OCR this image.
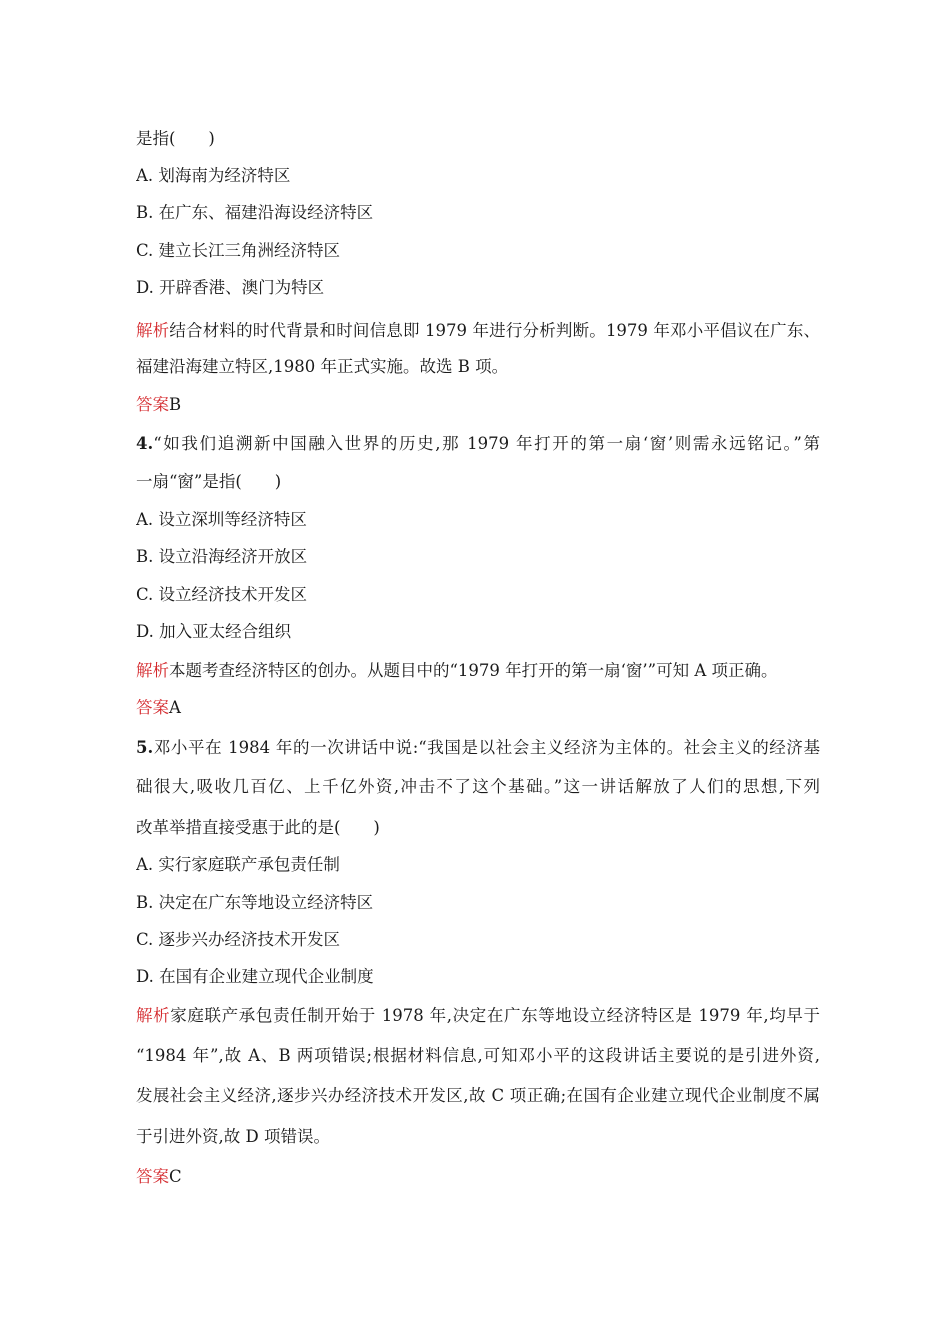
是指(　　)
A. 划海南为经济特区
B. 在广东、福建沿海设经济特区
C. 建立长江三角洲经济特区
D. 开辟香港、澳门为特区
解析结合材料的时代背景和时间信息即 1979 年进行分析判断。1979 年邓小平倡议在广东、
福建沿海建立特区,1980 年正式实施。故选 B 项。
答案B
4.“如我们追溯新中国融入世界的历史,那 1979 年打开的第一扇‘窗’则需永远铭记。”第
一扇“窗”是指(　　)
A. 设立深圳等经济特区
B. 设立沿海经济开放区
C. 设立经济技术开发区
D. 加入亚太经合组织
解析本题考查经济特区的创办。从题目中的“1979 年打开的第一扇‘窗’”可知 A 项正确。
答案A
5.邓小平在 1984 年的一次讲话中说:“我国是以社会主义经济为主体的。社会主义的经济基
础很大,吸收几百亿、上千亿外资,冲击不了这个基础。”这一讲话解放了人们的思想,下列
改革举措直接受惠于此的是(　　)
A. 实行家庭联产承包责任制
B. 决定在广东等地设立经济特区
C. 逐步兴办经济技术开发区
D. 在国有企业建立现代企业制度
解析家庭联产承包责任制开始于 1978 年,决定在广东等地设立经济特区是 1979 年,均早于
“1984 年”,故 A、B 两项错误;根据材料信息,可知邓小平的这段讲话主要说的是引进外资,
发展社会主义经济,逐步兴办经济技术开发区,故 C 项正确;在国有企业建立现代企业制度不属
于引进外资,故 D 项错误。
答案C
